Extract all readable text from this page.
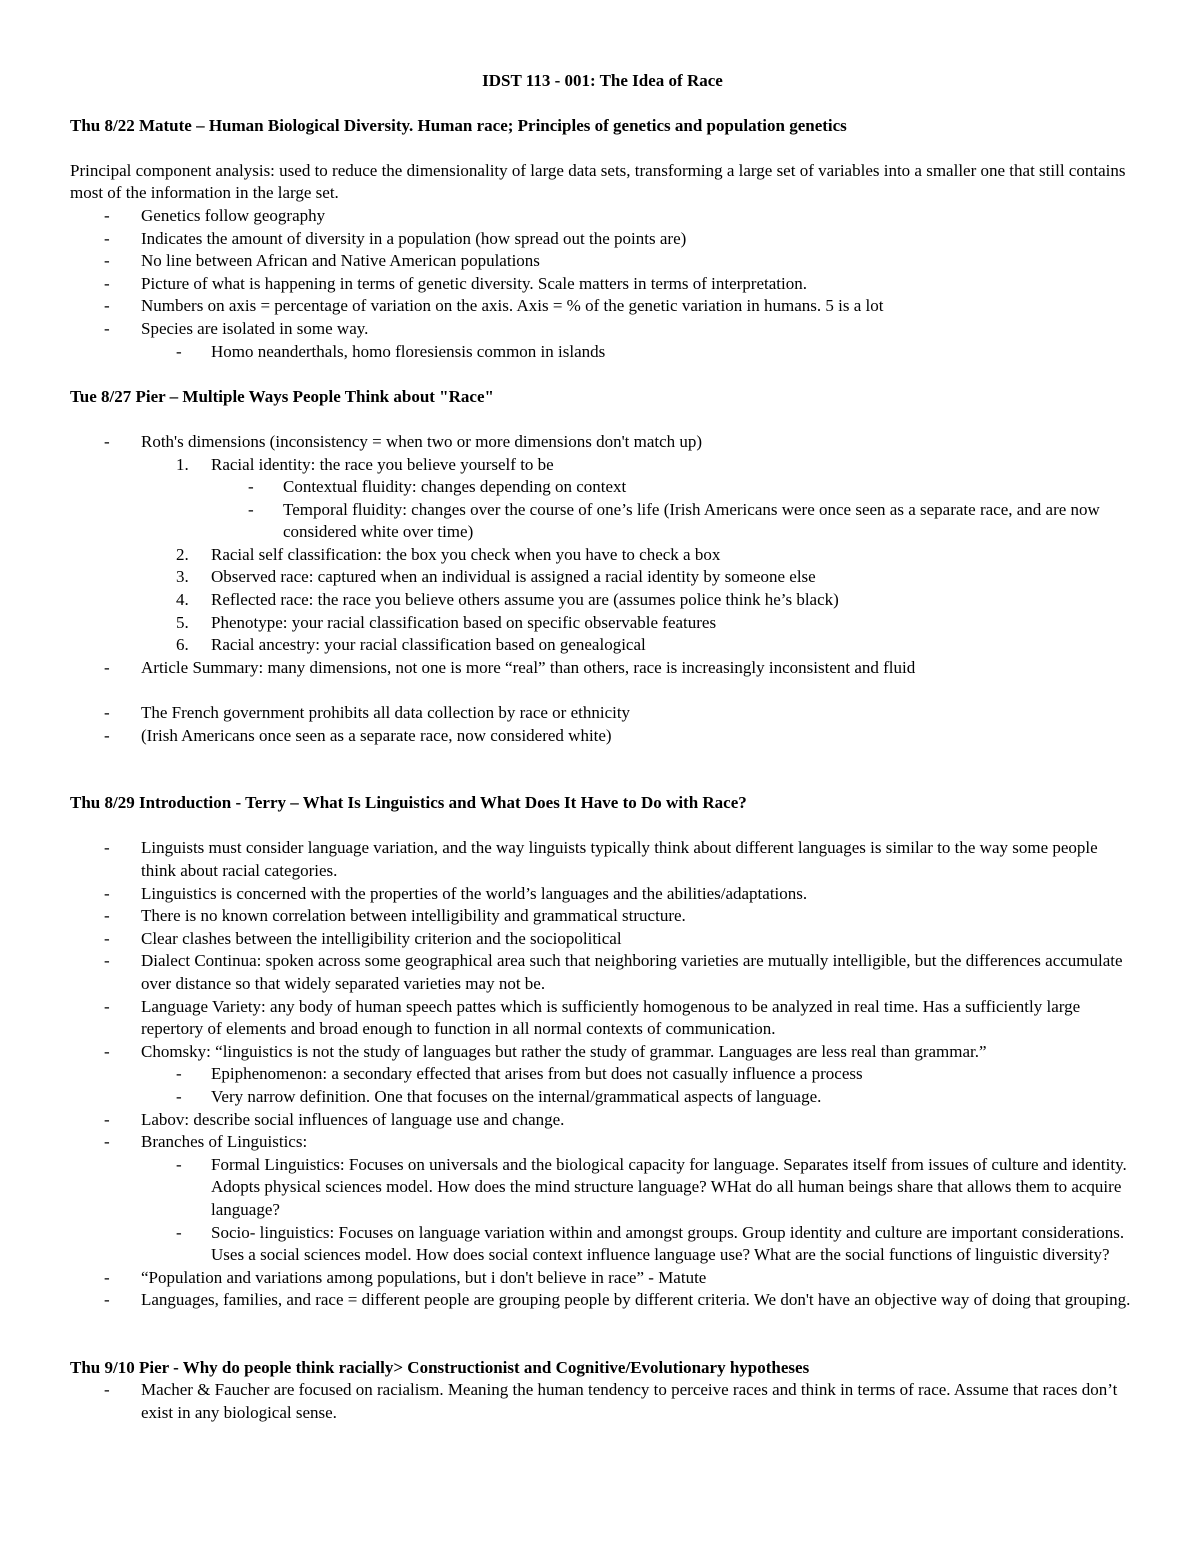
IDST 113 - 001: The Idea of Race
Thu 8/22 Matute – Human Biological Diversity. Human race; Principles of genetics and population genetics
Principal component analysis: used to reduce the dimensionality of large data sets, transforming a large set of variables into a smaller one that still contains most of the information in the large set.
- Genetics follow geography
- Indicates the amount of diversity in a population (how spread out the points are)
- No line between African and Native American populations
- Picture of what is happening in terms of genetic diversity. Scale matters in terms of interpretation.
- Numbers on axis = percentage of variation on the axis. Axis = % of the genetic variation in humans. 5 is a lot
- Species are isolated in some way.
- Homo neanderthals, homo floresiensis common in islands
Tue 8/27 Pier – Multiple Ways People Think about "Race"
- Roth's dimensions (inconsistency = when two or more dimensions don't match up)
1. Racial identity: the race you believe yourself to be
- Contextual fluidity: changes depending on context
- Temporal fluidity: changes over the course of one’s life (Irish Americans were once seen as a separate race, and are now considered white over time)
2. Racial self classification: the box you check when you have to check a box
3. Observed race: captured when an individual is assigned a racial identity by someone else
4. Reflected race: the race you believe others assume you are (assumes police think he’s black)
5. Phenotype: your racial classification based on specific observable features
6. Racial ancestry: your racial classification based on genealogical
- Article Summary: many dimensions, not one is more “real” than others, race is increasingly inconsistent and fluid
- The French government prohibits all data collection by race or ethnicity
- (Irish Americans once seen as a separate race, now considered white)
Thu 8/29 Introduction - Terry – What Is Linguistics and What Does It Have to Do with Race?
- Linguists must consider language variation, and the way linguists typically think about different languages is similar to the way some people think about racial categories.
- Linguistics is concerned with the properties of the world’s languages and the abilities/adaptations.
- There is no known correlation between intelligibility and grammatical structure.
- Clear clashes between the intelligibility criterion and the sociopolitical
- Dialect Continua: spoken across some geographical area such that neighboring varieties are mutually intelligible, but the differences accumulate over distance so that widely separated varieties may not be.
- Language Variety: any body of human speech pattes which is sufficiently homogenous to be analyzed in real time. Has a sufficiently large repertory of elements and broad enough to function in all normal contexts of communication.
- Chomsky: “linguistics is not the study of languages but rather the study of grammar. Languages are less real than grammar.”
- Epiphenomenon: a secondary effected that arises from but does not casually influence a process
- Very narrow definition. One that focuses on the internal/grammatical aspects of language.
- Labov: describe social influences of language use and change.
- Branches of Linguistics:
- Formal Linguistics: Focuses on universals and the biological capacity for language. Separates itself from issues of culture and identity. Adopts physical sciences model. How does the mind structure language? WHat do all human beings share that allows them to acquire language?
- Socio- linguistics: Focuses on language variation within and amongst groups. Group identity and culture are important considerations. Uses a social sciences model. How does social context influence language use? What are the social functions of linguistic diversity?
- “Population and variations among populations, but i don't believe in race” - Matute
- Languages, families, and race = different people are grouping people by different criteria. We don't have an objective way of doing that grouping.
Thu 9/10 Pier - Why do people think racially> Constructionist and Cognitive/Evolutionary hypotheses
- Macher & Faucher are focused on racialism. Meaning the human tendency to perceive races and think in terms of race. Assume that races don’t exist in any biological sense.
